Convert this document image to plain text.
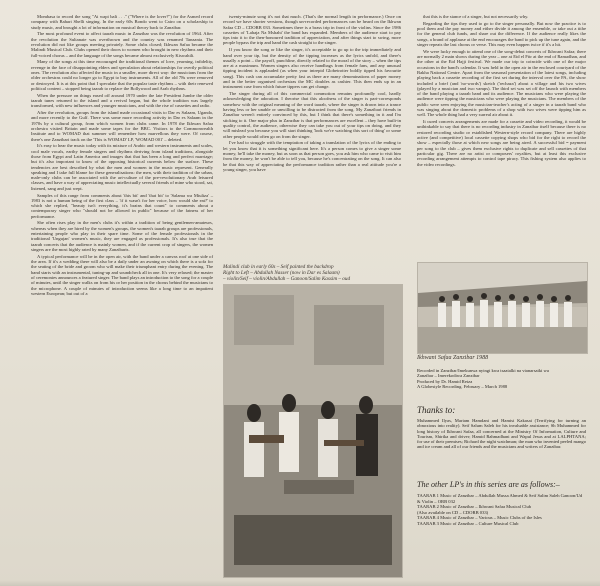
Mombasa to record the song "Ai wapi bali . . ." ("Where is the lover?") for the Asmed record company with Bahari Shelli singing. In the early 60s Bondo went to Cairo on a scholarship to study music, and brought a lot of information on musical theory back to Zanzibar.

The most profound event to affect taarab music in Zanzibar was the revolution of 1964. After the revolution the Sultanate was overthrown and the country was renamed Tanzania. The revolution did not like groups meeting privately. Some clubs closed; Ikhwan Safaa became the Malindi Musical Club. Clubs opened their doors to women who brought in new rhythms and their full-voiced chorus – and the language of the songs became almost exclusively Kiswahili.

Many of the songs at this time encouraged the traditional themes of love, yearning, infidelity, revenge in the face of disappointing elders and speculation about relationships for overtly political ones. The revolution also affected the music in a smaller, more direct way: the musicians from the older orchestras could no longer go to Egypt to buy instruments. All of the old 78s were removed or destroyed. It is at this point that I speculate that the popular taste rhythms – with their renewed political content – stopped being taarab to replace the Bollywood and Arab rhythms.

When the pressure on things eased off around 1970 under the late President Jumbe the older taarab tunes returned to the island and a revival began, but the whole tradition was largely transformed, with new influences and younger musicians, and with the rise of cassettes and radio.

After the revolution, groups from the island made occasional visits to Dar es Salaam, Uganda, and more recently to the Gulf. There was some more recording activity in Dar es Salaam in the 1970s by a cultural group, from which women from clubs came. In 1978 the Ikhwan Safaa orchestra visited Britain and made some tapes for the BBC. Visitors to the Commonwealth Institute and to WOMAD that summer will remember how marvellous they were. Of course, there's one Zanzibari track on the 'This is WOMAD' LP, 'WOMAD 001' – deleted.

It's easy to hear the music today with its mixture of Arabic and western instruments and scales, cool male vocals, earthy female singers and rhythms deriving from island traditions, alongside those from Egypt and Latin America and images that that has been a long and perfect marriage; but it's also important to know of the opposing historical currents below the surface. These tendencies are best described by what the men and women in the music represent. Generally speaking and I take full blame for these generalisations: the men, with their tradition of the urban, male-only clubs can be associated with the art-culture of the pre-revolutionary Arab leisured classes, and have a way of appreciating music intellectually several friends of mine who stood, sat, listened, sang and just wept.

Samples of this range from comments about 'this bit' and 'that bit' to 'Salama wa Miuliza' – 1983 is not a human being of the first class – 'if it wasn't for her voice, how would she eat?' to which she replied, "beauty isn't everything, it's brains that count" to comments about a contemporary singer who "should not be allowed in public" because of the fatness of her performance.

She often rises play in the men's clubs it's within a tradition of being gentlemen-amateurs, whereas when they are hired by the women's groups, the women's taarab groups are professionals, entertaining people who play in their spare time. Some of the female professionals in the traditional 'Ungujan' women's music, they are engaged as professionals. It's also true that the taarab concerts that the audience is mainly women, and if the current crop of singers, the women singers are the most highly rated by many Zanzibaris.

A typical performance will be in the open air, with the band under a canvas roof at one side of the area. If it's a wedding there will also be a daily under an awning on which there is a sofa for the seating of the bride and groom who will make their triumphant entry during the evening. The band starts with an instrumental, tuning-up and soundcheck all in one. It's very relaxed; the master of ceremonies announces a featured singer. The band plays an introduction to the song for a couple of minutes, until the singer walks on from his or her position in the chorus behind the musicians to the microphone. A couple of minutes of introduction seems like a long time to an impatient western European; but out of a

twenty-minute song it's not that much. (That's the normal length in performance.) Once on record we have shorter versions, though un-recorded performances can be heard on the Ikhwan Safaa CD – CDORB 033. Sometimes there is a brass trip in front of the violins. Since the 1986 cassettes of 'Lahaja Na Mshahi' the band has expanded. Members of the audience start to pay tips into it to the then-honoured tradition of appreciation, and after things start to swing, more people bypass the trip and hand the cash straight to the singer.

If you know the song or like the singer, it's acceptable to go up to the trip immediately and hand over your tip, but the density of the tipping increases as the lyrics unfold, and there's usually a point – the payoff, punchline, directly related to the moral of the story – when the tips are at a maximum. Women singers also receive handbags from female fans, and any unusual tipping incident is applauded (as when your intrepid Globetrotter boldly tipped his favourite song). This cash can accumulate pretty fast as there are many denominations of paper money and in the better organised orchestras the MC doubles as cashier. This then ends up in an instrument case from which future tippers can get change.

The singer during all of this commercial commotion remains profoundly cool, hardly acknowledging the adoration. I theorise that this aloofness of the singer is part-corresponds somehow with the original meaning of the word taarab, where the singer is drawn into a trance having less or her unable or unwilling to be distracted from the song. My Zanzibari friends in Zanzibar weren't entirely convinced by this, but I think that there's something in it and I'm sticking to it. One major plus in Zanzibar is that performances are excellent – they have built-in quality control, the audience, otherwise they can take you out of your tips on doing, and they will mislead you because you will start thinking 'look we're watching this sort of thing' or some other people would often go on from the singer.

I've had to struggle with the temptation of taking a translation of the lyrics of the ending to let you know that it is something significant here. It's a person comes to give a singer some money, he'll take the money, but as soon as that person goes, you ask him who came to visit him from the money, he won't be able to tell you, because he's concentrating on the song. It can also be that this way of appreciating the performance tradition rather than a real attitude you're a young singer, you have

Malindi club in early 60s – Seif painted the backdrop
Right to Left – Abdullah Nasser (now in Dar es Salaam)
– violin/Seif – violin/Abdullah – Ganoon/Salim Kassim – oud

that this is the stance of a singer, but not necessarily why.

Regarding the tips they used to go to the singer personally. But now the practice is to pool them and the pay money and either divide it among the ensemble, or take out a tithe for the general club funds, and share out the difference. If the audience really likes the songs, a brand of applause at the end encourages the band to pick up the tune again, and the singer repeats the last chorus or verse. This may even happen twice if it's a hit.

We were lucky enough to attend one of the song-debut concerts of Ikhwani Safaa; there are normally 2 main shows during the year – one at Eid el Fitr at the end of Ramadhan, and the other at the Eid Hajji festival. We made our trip to coincide with one of the major occasions in the band's calendar. It was held in the open air in the enclosed courtyard of the Bakha National Centre. Apart from the seasonal presentation of the latest songs, including playing back a cassette recording of the first set during the interval over the PA, the show included a brief (and 'no-words') sketch ('rechaza') about a village and his two wives (played by a musician and two vamps). The third set was set off the launch with members of the band playing a taarab band and its audience. The musicians who were playing the audience were tipping the musicians who were playing the musicians. The members of the public were seen enjoying the musician-teacher's acting of a singer in a taarab band who was singing about the domestic problems of a shop with two wives were tipping him as well. The whole thing had a very surreal air about it.

It cured concerts arrangements are made for a cassette and video recording, it would be unthinkable to say that there is no recording industry in Zanzibar itself because there is no restored recording studio or established Western-style record company. There are highly active (and competitive) local cassette copying shops who bid for the right to record the show – especially those at which new songs are being aired. A successful bid = payment per song to the club – gives them exclusive rights to duplicate and sell cassettes of that particular gig. There are no artist or composers' royalties, but at least this exclusive recording arrangement attempts to control tape piracy. This fishing system also applies to the video recordings.

Ikhwani Safaa Zanzibar 1988
Recorded in Zanzibar/Imekunwa nyingi kwa tsaatalki na vianarsaiki wa
Zanzibar – Imerekodiwa Zanzibar
Produced by Dr. Hamid Reiza
A Globestyle Recording. February – March 1988
Thanks to:
Muhammed Ilyas, Mariam Hamdani and Hamisi Kakasai (Terrifying for turning an obnoxious into reality). Seif Salum Saleh for his invaluable assistance; Sh Muhammed for long history of Ikhwani Safaa, all concerned at the Ministry Of Information, Culture and Tourism, Shirika and driver; Hamid Rahmadhani and Wapul Jesus and at LALPHTANA; for use of their premises; Richard the night watchman; the man who invented peeled mango and ice cream and all of our friends and the musicians and writers of Zanzibar.
The other LP's in this series are as follows:–
TAARAB 1 Music of Zanzibar – Abdullah Mussa Ahmed & Seif Salim Saleh Ganoon/Ud & Violin – ORB 032
TAARAB 2 Music of Zanzibar – Ikhwani Safaa Musical Club
(Also available on CD – CDORB 033)
TAARAB 4 Music of Zanzibar – Various – Music Clubs of the Isles
TAARAB 3 Music of Zanzibar – Culture Musical Club
